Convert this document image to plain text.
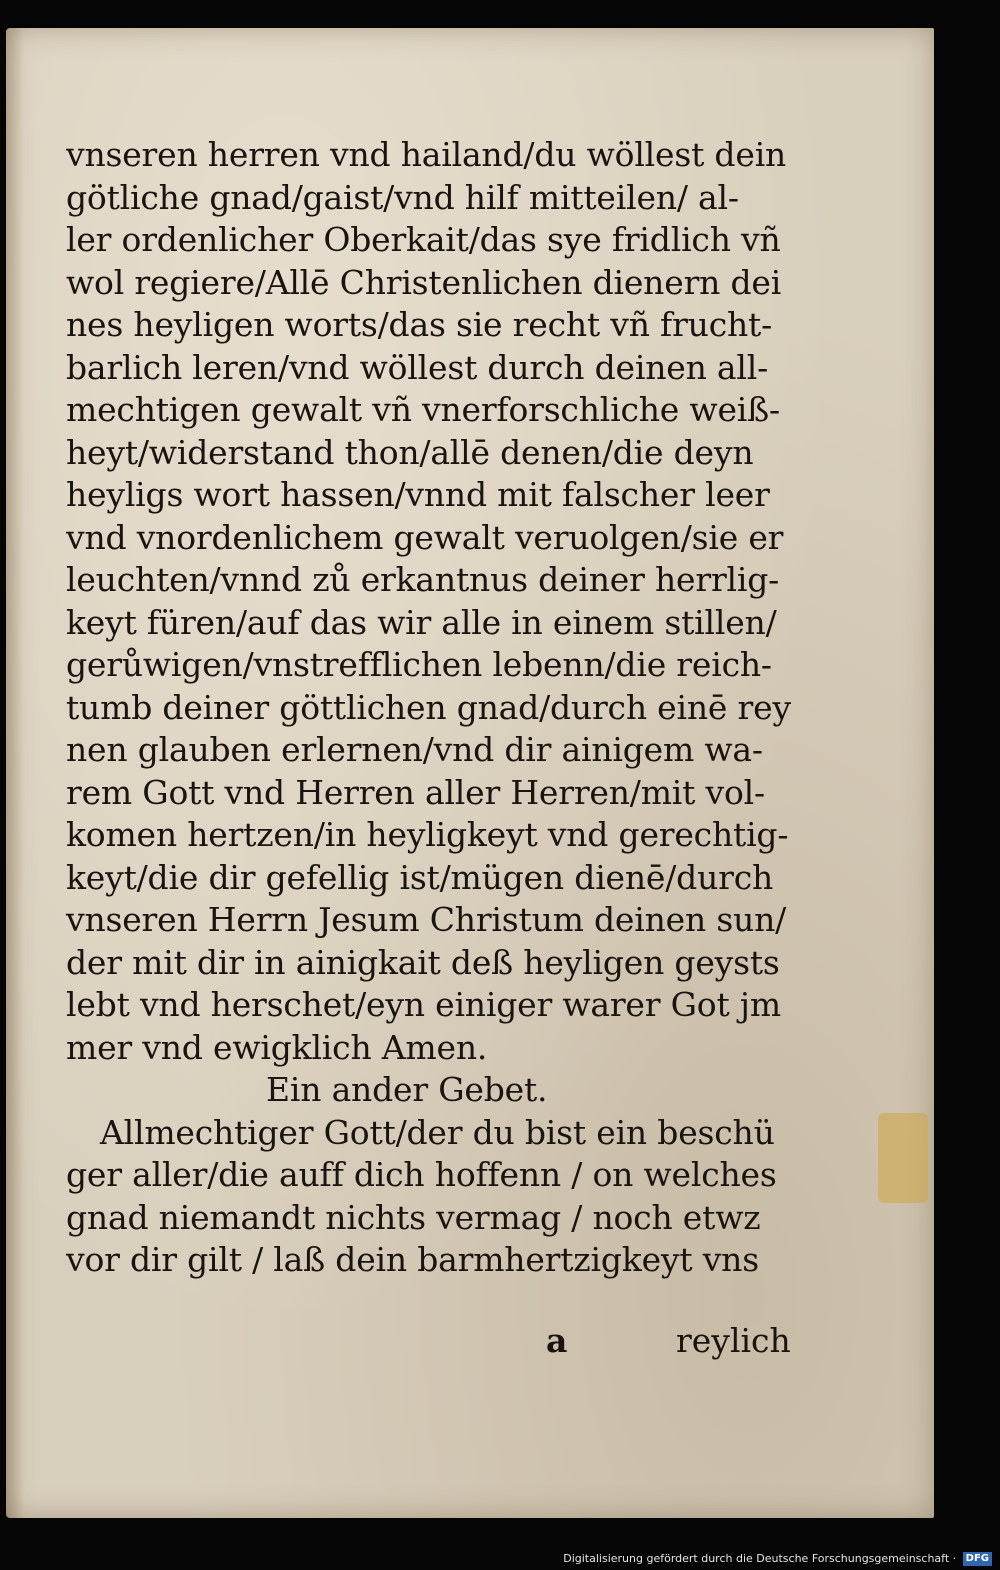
vnseren herren vnd hailand/du wöllest dein
götliche gnad/gaist/vnd hilf mitteilen/ al-
ler ordenlicher Oberkait/das sye fridlich vñ
wol regiere/Allē Christenlichen dienern dei
nes heyligen worts/das sie recht vñ frucht-
barlich leren/vnd wöllest durch deinen all-
mechtigen gewalt vñ vnerforschliche weiß-
heyt/widerstand thon/allē denen/die deyn
heyligs wort hassen/vnnd mit falscher leer
vnd vnordenlichem gewalt veruolgen/sie er
leuchten/vnnd zů erkantnus deiner herrlig-
keyt füren/auf das wir alle in einem stillen/
gerůwigen/vnstrefflichen lebenn/die reich-
tumb deiner göttlichen gnad/durch einē rey
nen glauben erlernen/vnd dir ainigem wa-
rem Gott vnd Herren aller Herren/mit vol-
komen hertzen/in heyligkeyt vnd gerechtig-
keyt/die dir gefellig ist/mügen dienē/durch
vnseren Herrn Jesum Christum deinen sun/
der mit dir in ainigkait deß heyligen geysts
lebt vnd herschet/eyn einiger warer Got jm
mer vnd ewigklich Amen.
Ein ander Gebet.
Allmechtiger Gott/der du bist ein beschü
ger aller/die auff dich hoffenn / on welches
gnad niemandt nichts vermag / noch etwz
vor dir gilt / laß dein barmhertzigkeyt vns
a	reylich
Digitalisierung gefördert durch die Deutsche Forschungsgemeinschaft · DFG
